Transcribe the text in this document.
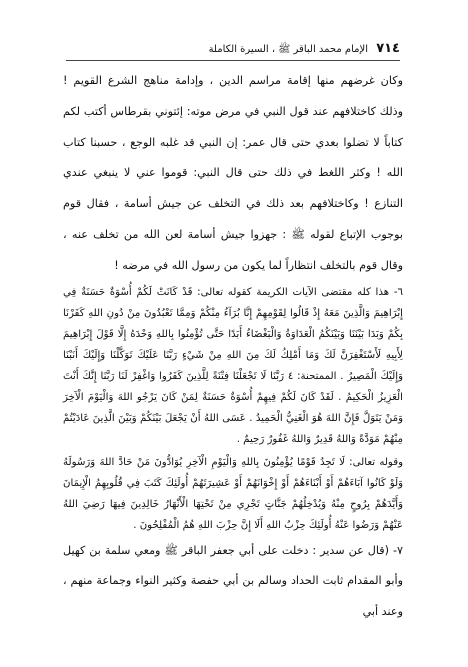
٧١٤
الإمام محمد الباقر ﷺ ، السيرة الكاملة

وكان غرضهم منها إقامة مراسم الدين ، وإدامة مناهج الشرع القويم ! وذلك كاختلافهم عند قول النبي في مرض موته: إئتوني بقرطاس أكتب لكم كتاباً لا تضلوا بعدي حتى قال عمر: إن النبي قد غلبه الوجع ، حسبنا كتاب الله ! وكثر اللغط في ذلك حتى قال النبي: قوموا عني لا ينبغي عندي التنازع ! وكاختلافهم بعد ذلك في التخلف عن جيش أسامة ، فقال قوم بوجوب الإتباع لقوله ﷺ : جهزوا جيش أسامة لعن الله من تخلف عنه ، وقال قوم بالتخلف انتظاراً لما يكون من رسول الله في مرضه !

٦- هذا كله مقتضى الآيات الكريمة كقوله تعالى: قَدْ كَانَتْ لَكُمْ أُسْوَةٌ حَسَنَةٌ فِي إِبْرَاهِيمَ وَالَّذِينَ مَعَهُ إِذْ قَالُوا لِقَوْمِهِمْ إِنَّا بُرَآءُ مِنْكُمْ وَمِمَّا تَعْبُدُونَ مِنْ دُونِ اللهِ كَفَرْنَا بِكُمْ وَبَدَا بَيْنَنَا وَبَيْنَكُمُ الْعَدَاوَةُ وَالْبَغْضَاءُ أَبَدًا حَتَّى تُؤْمِنُوا بِاللهِ وَحْدَهُ إِلَّا قَوْلَ إِبْرَاهِيمَ لِأَبِيهِ لَأَسْتَغْفِرَنَّ لَكَ وَمَا أَمْلِكُ لَكَ مِنَ اللهِ مِنْ شَيْءٍ رَبَّنَا عَلَيْكَ تَوَكَّلْنَا وَإِلَيْكَ أَنَبْنَا وَإِلَيْكَ الْمَصِيرُ . الممتحنة: ٤ رَبَّنَا لَا تَجْعَلْنَا فِتْنَةً لِلَّذِينَ كَفَرُوا وَاغْفِرْ لَنَا رَبَّنَا إِنَّكَ أَنْتَ الْعَزِيزُ الْحَكِيمُ . لَقَدْ كَانَ لَكُمْ فِيهِمْ أُسْوَةٌ حَسَنَةٌ لِمَنْ كَانَ يَرْجُو اللهَ وَالْيَوْمَ الْآخِرَ وَمَنْ يَتَوَلَّ فَإِنَّ اللهَ هُوَ الْغَنِيُّ الْحَمِيدُ . عَسَى اللهُ أَنْ يَجْعَلَ بَيْنَكُمْ وَبَيْنَ الَّذِينَ عَادَيْتُمْ مِنْهُمْ مَوَدَّةً وَاللهُ قَدِيرٌ وَاللهُ غَفُورٌ رَحِيمٌ .

وقوله تعالى: لَا تَجِدُ قَوْمًا يُؤْمِنُونَ بِاللهِ وَالْيَوْمِ الْآخِرِ يُوَادُّونَ مَنْ حَادَّ اللهَ وَرَسُولَهُ وَلَوْ كَانُوا آبَاءَهُمْ أَوْ أَبْنَاءَهُمْ أَوْ إِخْوَانَهُمْ أَوْ عَشِيرَتَهُمْ أُولَئِكَ كَتَبَ فِي قُلُوبِهِمُ الْإِيمَانَ وَأَيَّدَهُمْ بِرُوحٍ مِنْهُ وَيُدْخِلُهُمْ جَنَّاتٍ تَجْرِي مِنْ تَحْتِهَا الْأَنْهَارُ خَالِدِينَ فِيهَا رَضِيَ اللهُ عَنْهُمْ وَرَضُوا عَنْهُ أُولَئِكَ حِزْبُ اللهِ أَلَا إِنَّ حِزْبَ اللهِ هُمُ الْمُفْلِحُونَ .

٧- (قال عن سدير : دخلت على أبي جعفر الباقر ﷺ ومعي سلمة بن كهيل وأبو المقدام ثابت الحداد وسالم بن أبي حفصة وكثير النواء وجماعة منهم ، وعند أبي
